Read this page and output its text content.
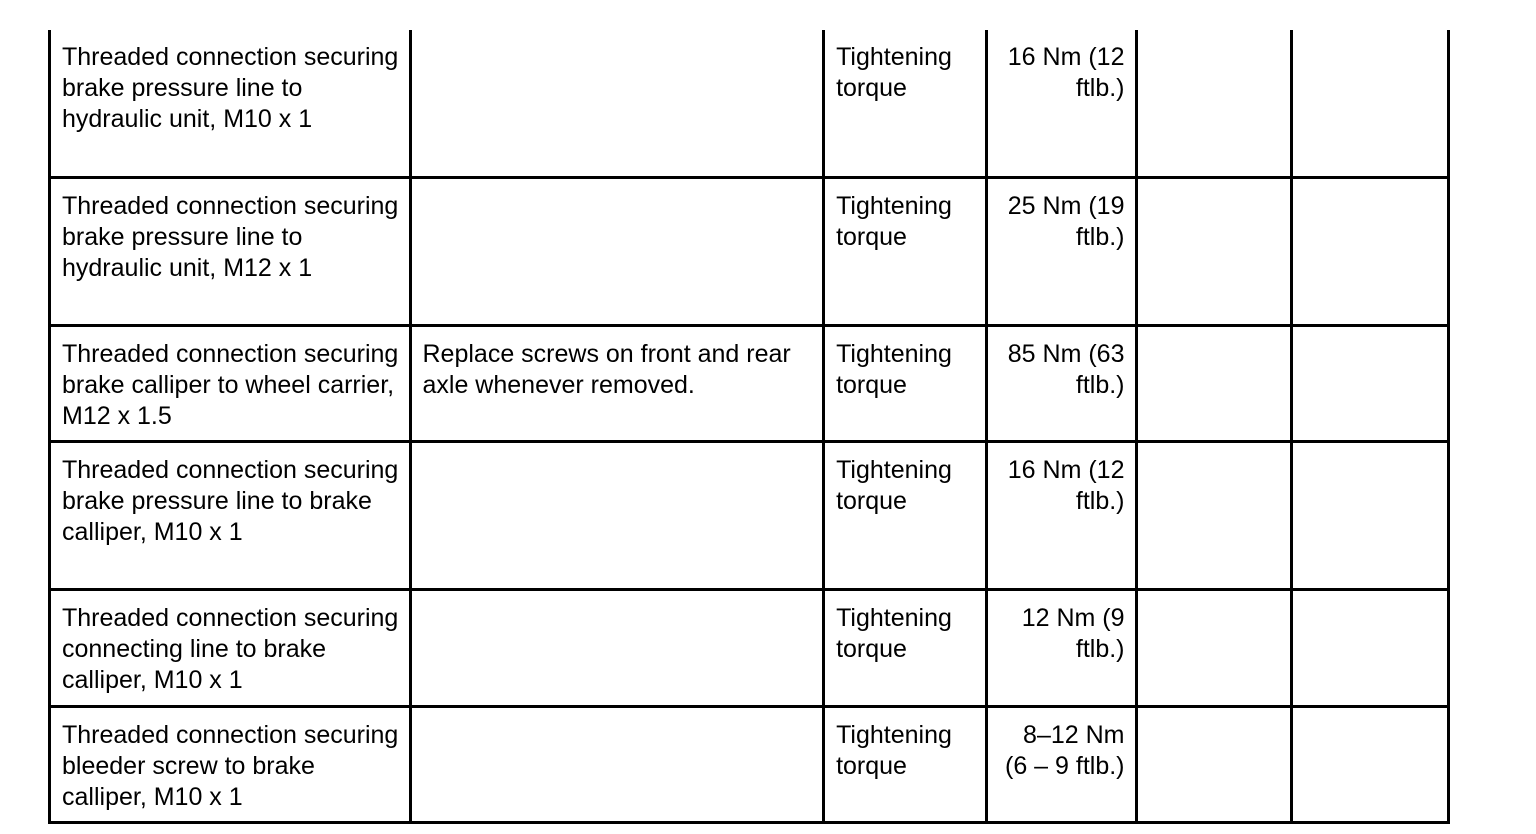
Threaded connection securing brake pressure line to hydraulic unit, M10 x 1		Tightening torque	16 Nm (12 ftlb.)		
Threaded connection securing brake pressure line to hydraulic unit, M12 x 1		Tightening torque	25 Nm (19 ftlb.)		
Threaded connection securing brake calliper to wheel carrier, M12 x 1.5	Replace screws on front and rear axle whenever removed.	Tightening torque	85 Nm (63 ftlb.)		
Threaded connection securing brake pressure line to brake calliper, M10 x 1		Tightening torque	16 Nm (12 ftlb.)		
Threaded connection securing connecting line to brake calliper, M10 x 1		Tightening torque	12 Nm (9 ftlb.)		
Threaded connection securing bleeder screw to brake calliper, M10 x 1		Tightening torque	8–12 Nm (6 – 9 ftlb.)		
